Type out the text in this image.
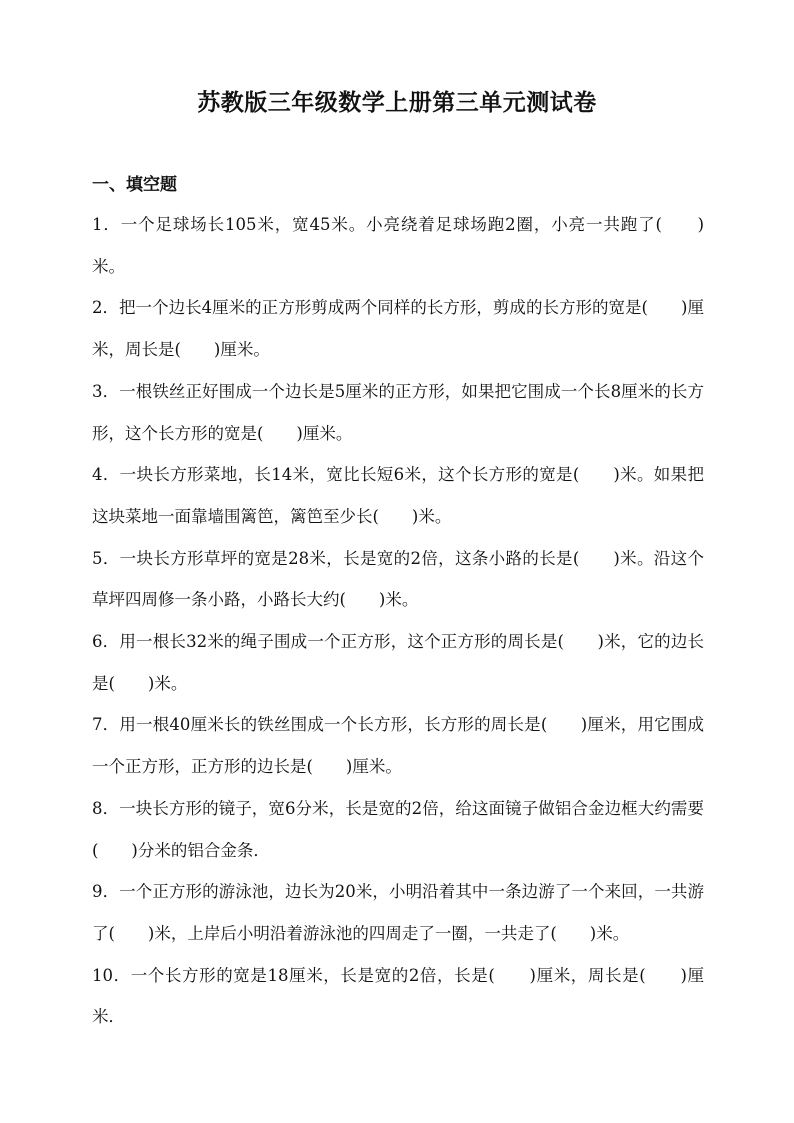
苏教版三年级数学上册第三单元测试卷
一、填空题

1．一个足球场长105米，宽45米。小亮绕着足球场跑2圈，小亮一共跑了(　　)米。

2．把一个边长4厘米的正方形剪成两个同样的长方形，剪成的长方形的宽是(　　)厘米，周长是(　　)厘米。

3．一根铁丝正好围成一个边长是5厘米的正方形，如果把它围成一个长8厘米的长方形，这个长方形的宽是(　　)厘米。

4．一块长方形菜地，长14米，宽比长短6米，这个长方形的宽是(　　)米。如果把这块菜地一面靠墙围篱笆，篱笆至少长(　　)米。

5．一块长方形草坪的宽是28米，长是宽的2倍，这条小路的长是(　　)米。沿这个草坪四周修一条小路，小路长大约(　　)米。

6．用一根长32米的绳子围成一个正方形，这个正方形的周长是(　　)米，它的边长是(　　)米。

7．用一根40厘米长的铁丝围成一个长方形，长方形的周长是(　　)厘米，用它围成一个正方形，正方形的边长是(　　)厘米。

8．一块长方形的镜子，宽6分米，长是宽的2倍，给这面镜子做铝合金边框大约需要(　　)分米的铝合金条．

9．一个正方形的游泳池，边长为20米，小明沿着其中一条边游了一个来回，一共游了(　　)米，上岸后小明沿着游泳池的四周走了一圈，一共走了(　　)米。

10．一个长方形的宽是18厘米，长是宽的2倍，长是(　　)厘米，周长是(　　)厘米．
